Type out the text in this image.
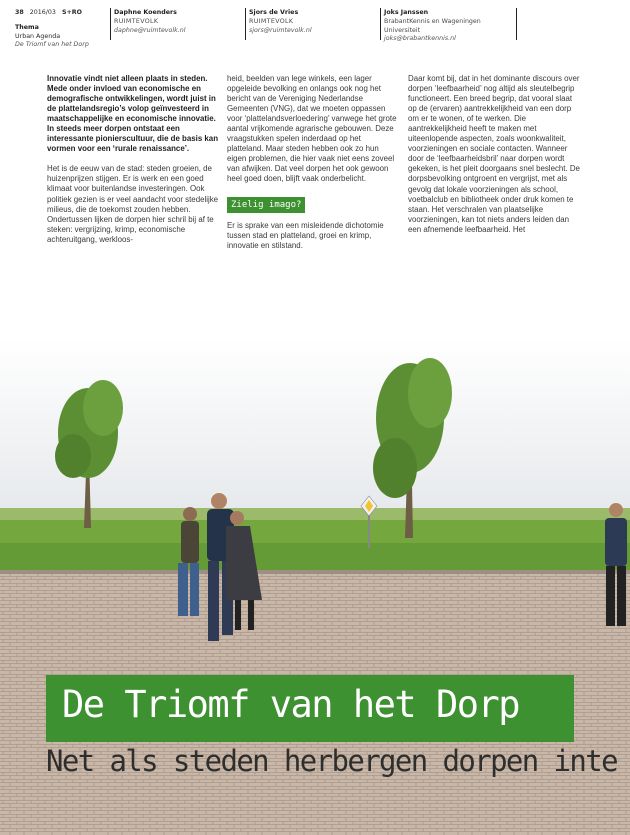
38 2016/03 S+RO
Thema
Urban Agenda
De Triomf van het Dorp
Daphne Koenders
RUIMTEVOLK
daphne@ruimtevolk.nl
Sjors de Vries
RUIMTEVOLK
sjors@ruimtevolk.nl
Joks Janssen
BrabantKennis en Wageningen Universiteit
joks@brabantkennis.nl

Innovatie vindt niet alleen plaats in steden. Mede onder invloed van economische en demografische ontwikkelingen, wordt juist in de plattelandsregio’s volop geïnvesteerd in maatschappelijke en economische innovatie. In steeds meer dorpen ontstaat een interessante pionierscultuur, die de basis kan vormen voor een ‘rurale renaissance’.

Het is de eeuw van de stad: steden groeien, de huizenprijzen stijgen. Er is werk en een goed klimaat voor buitenlandse investeringen. Ook politiek gezien is er veel aandacht voor stedelijke milieus, die de toekomst zouden hebben. Ondertussen lijken de dorpen hier schril bij af te steken: vergrijzing, krimp, economische achteruitgang, werkloos-

heid, beelden van lege winkels, een lager opgeleide bevolking en onlangs ook nog het bericht van de Vereniging Nederlandse Gemeenten (VNG), dat we moeten oppassen voor ‘plattelandsverloedering’ vanwege het grote aantal vrijkomende agrarische gebouwen. Deze vraagstukken spelen inderdaad op het platteland. Maar steden hebben ook zo hun eigen problemen, die hier vaak niet eens zoveel van afwijken. Dat veel dorpen het ook gewoon heel goed doen, blijft vaak onderbelicht.

Zielig imago?

Er is sprake van een misleidende dichotomie tussen stad en platteland, groei en krimp, innovatie en stilstand.

Daar komt bij, dat in het dominante discours over dorpen ‘leefbaarheid’ nog altijd als sleutelbegrip functioneert. Een breed begrip, dat vooral slaat op de (ervaren) aantrekkelijkheid van een dorp om er te wonen, of te werken. Die aantrekkelijkheid heeft te maken met uiteenlopende aspecten, zoals woonkwaliteit, voorzieningen en sociale contacten. Wanneer door de ‘leefbaarheidsbril’ naar dorpen wordt gekeken, is het pleit doorgaans snel beslecht. De dorpsbevolking ontgroent en vergrijst, met als gevolg dat lokale voorzieningen als school, voetbalclub en bibliotheek onder druk komen te staan. Het verschralen van plaatselijke voorzieningen, kan tot niets anders leiden dan een afnemende leefbaarheid. Het

De Triomf van het Dorp
Net als steden herbergen dorpen inte
